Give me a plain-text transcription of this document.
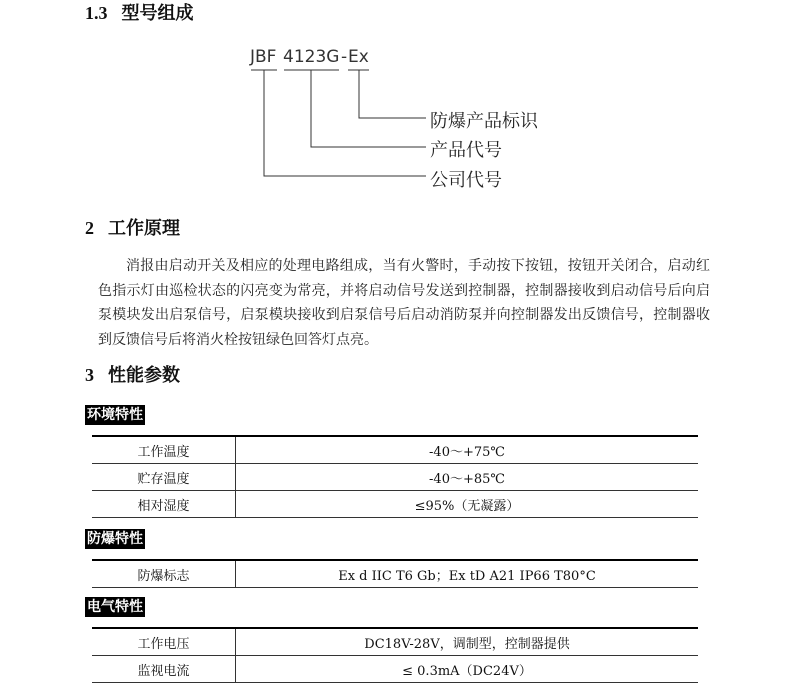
1.3 型号组成
JBF 4123G - Ex
防爆产品标识
产品代号
公司代号
2 工作原理
消报由启动开关及相应的处理电路组成，当有火警时，手动按下按钮，按钮开关闭合，启动红色指示灯由巡检状态的闪亮变为常亮，并将启动信号发送到控制器，控制器接收到启动信号后向启泵模块发出启泵信号，启泵模块接收到启泵信号后启动消防泵并向控制器发出反馈信号，控制器收到反馈信号后将消火栓按钮绿色回答灯点亮。
3 性能参数
环境特性
工作温度	-40～+75℃
贮存温度	-40～+85℃
相对湿度	≤95%（无凝露）
防爆特性
防爆标志	Ex d IIC T6 Gb；Ex tD A21 IP66 T80°C
电气特性
工作电压	DC18V-28V，调制型，控制器提供
监视电流	≤ 0.3mA（DC24V）
